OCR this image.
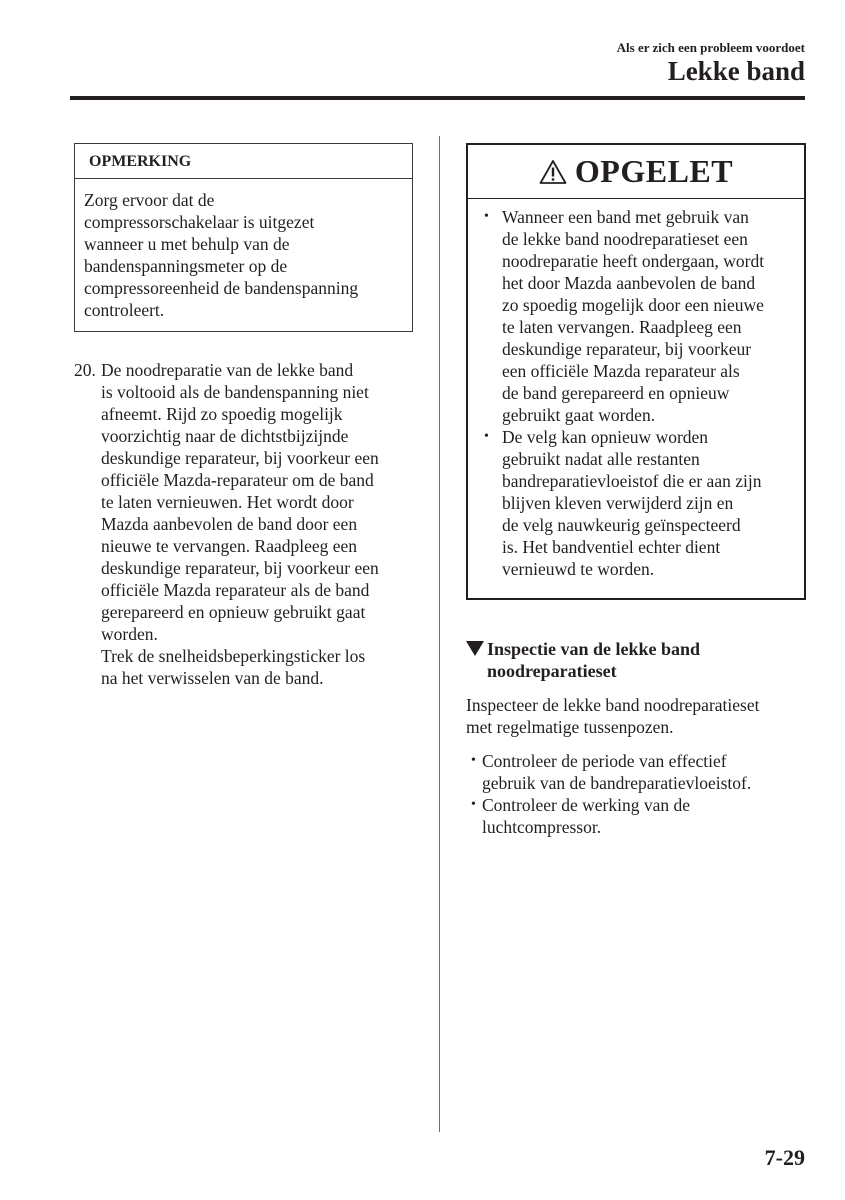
Als er zich een probleem voordoet
Lekke band
OPMERKING
Zorg ervoor dat de
compressorschakelaar is uitgezet
wanneer u met behulp van de
bandenspanningsmeter op de
compressoreenheid de bandenspanning
controleert.
20. De noodreparatie van de lekke band
is voltooid als de bandenspanning niet
afneemt. Rijd zo spoedig mogelijk
voorzichtig naar de dichtstbijzijnde
deskundige reparateur, bij voorkeur een
officiële Mazda-reparateur om de band
te laten vernieuwen. Het wordt door
Mazda aanbevolen de band door een
nieuwe te vervangen. Raadpleeg een
deskundige reparateur, bij voorkeur een
officiële Mazda reparateur als de band
gerepareerd en opnieuw gebruikt gaat
worden.
Trek de snelheidsbeperkingsticker los
na het verwisselen van de band.
OPGELET
• Wanneer een band met gebruik van
de lekke band noodreparatieset een
noodreparatie heeft ondergaan, wordt
het door Mazda aanbevolen de band
zo spoedig mogelijk door een nieuwe
te laten vervangen. Raadpleeg een
deskundige reparateur, bij voorkeur
een officiële Mazda reparateur als
de band gerepareerd en opnieuw
gebruikt gaat worden.
• De velg kan opnieuw worden
gebruikt nadat alle restanten
bandreparatievloeistof die er aan zijn
blijven kleven verwijderd zijn en
de velg nauwkeurig geïnspecteerd
is. Het bandventiel echter dient
vernieuwd te worden.
Inspectie van de lekke band
noodreparatieset
Inspecteer de lekke band noodreparatieset
met regelmatige tussenpozen.
• Controleer de periode van effectief
gebruik van de bandreparatievloeistof.
• Controleer de werking van de
luchtcompressor.
7-29
